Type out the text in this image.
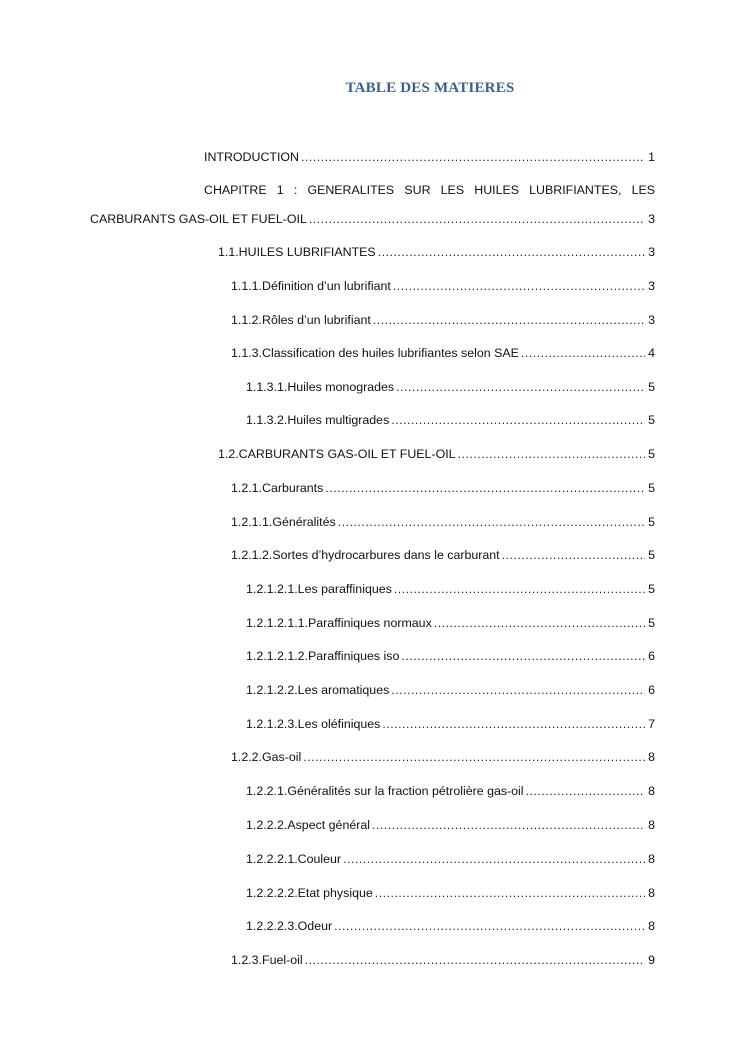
TABLE DES MATIERES
INTRODUCTION .....	1
CHAPITRE 1 : GENERALITES SUR LES HUILES LUBRIFIANTES, LES
CARBURANTS GAS-OIL ET FUEL-OIL .....	3
1.1. HUILES LUBRIFIANTES .....	3
1.1.1. Définition d’un lubrifiant .....	3
1.1.2. Rôles d’un lubrifiant .....	3
1.1.3. Classification des huiles lubrifiantes selon SAE .....	4
1.1.3.1. Huiles monogrades .....	5
1.1.3.2. Huiles multigrades .....	5
1.2. CARBURANTS GAS-OIL ET FUEL-OIL .....	5
1.2.1. Carburants .....	5
1.2.1.1. Généralités .....	5
1.2.1.2. Sortes d’hydrocarbures dans le carburant .....	5
1.2.1.2.1. Les paraffiniques .....	5
1.2.1.2.1.1. Paraffiniques normaux .....	5
1.2.1.2.1.2. Paraffiniques iso .....	6
1.2.1.2.2. Les aromatiques .....	6
1.2.1.2.3. Les oléfiniques .....	7
1.2.2. Gas-oil .....	8
1.2.2.1. Généralités sur la fraction pétrolière gas-oil .....	8
1.2.2.2. Aspect général .....	8
1.2.2.2.1. Couleur .....	8
1.2.2.2.2. Etat physique .....	8
1.2.2.2.3. Odeur .....	8
1.2.3. Fuel-oil .....	9
